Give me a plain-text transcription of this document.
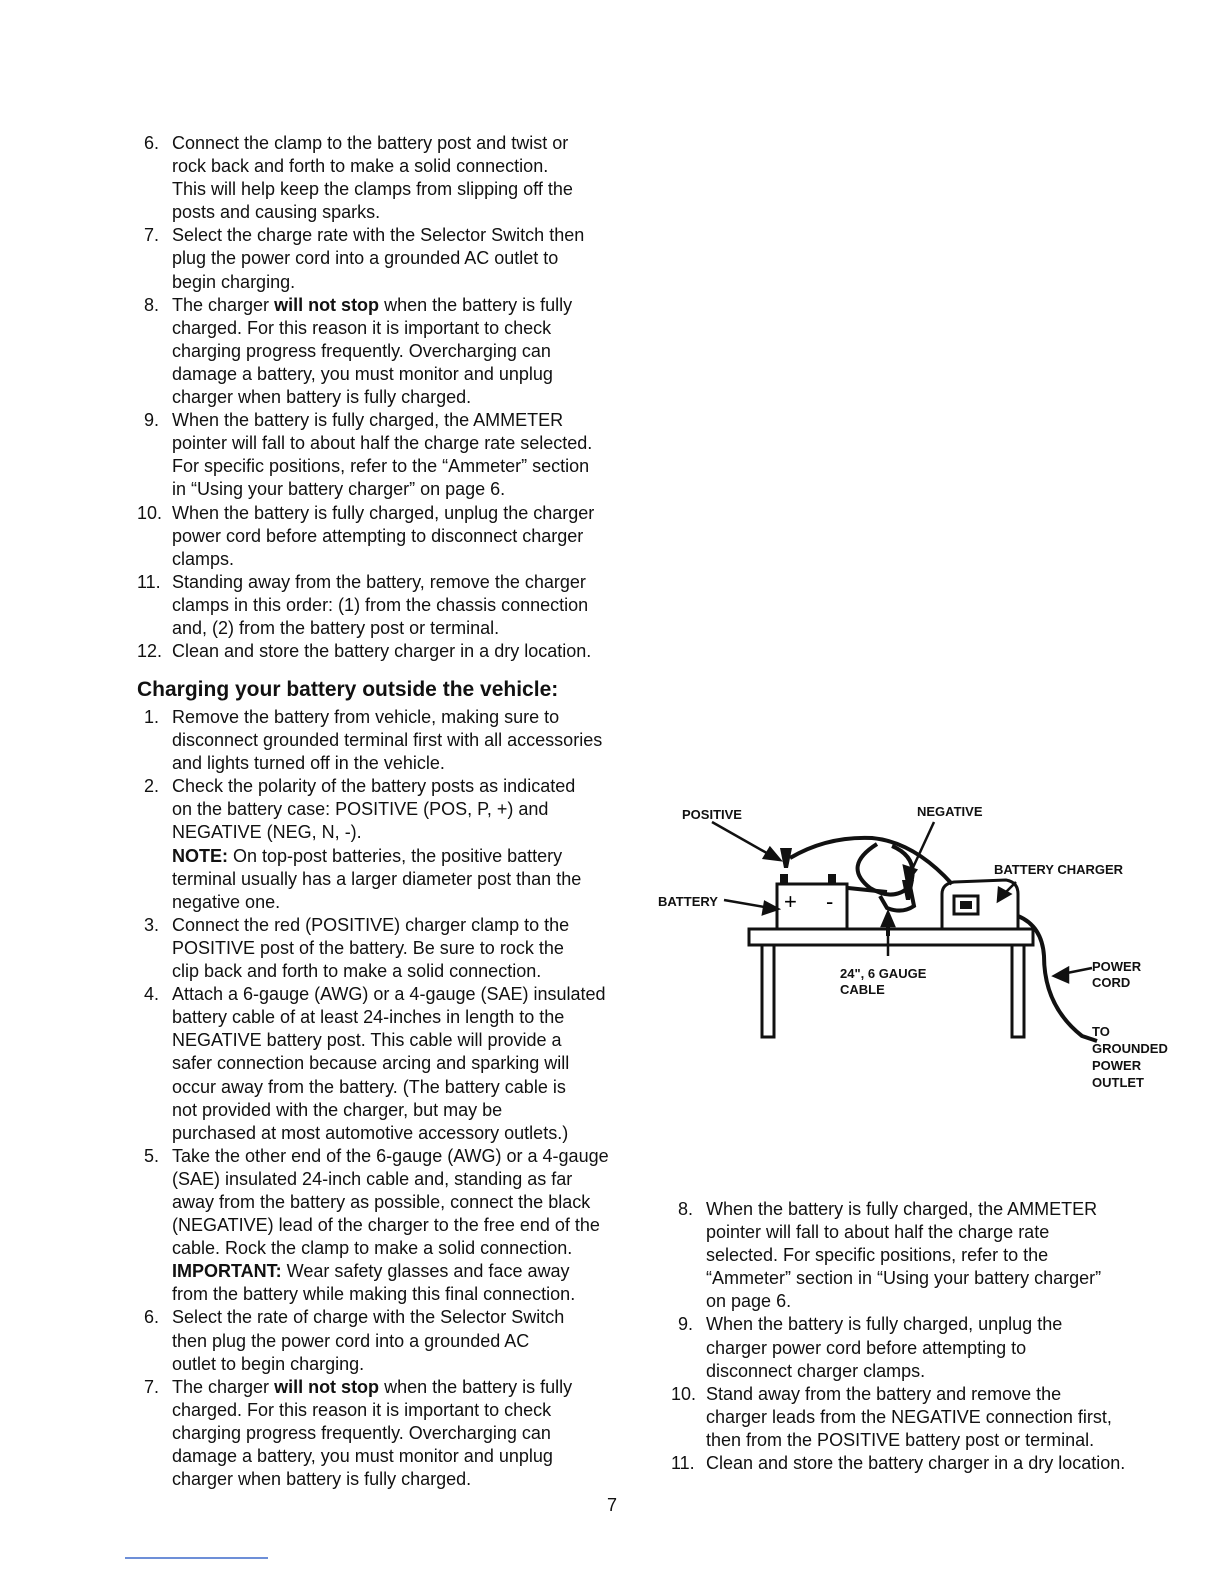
6. Connect the clamp to the battery post and twist or

rock back and forth to make a solid connection.

This will help keep the clamps from slipping off the

posts and causing sparks.

7. Select the charge rate with the Selector Switch then

plug the power cord into a grounded AC outlet to

begin charging.

8. The charger will not stop when the battery is fully

charged. For this reason it is important to check

charging progress frequently. Overcharging can

damage a battery, you must monitor and unplug

charger when battery is fully charged.

9. When the battery is fully charged, the AMMETER

pointer will fall to about half the charge rate selected.

For specific positions, refer to the “Ammeter” section

in “Using your battery charger” on page 6.

10. When the battery is fully charged, unplug the charger

power cord before attempting to disconnect charger

clamps.

11. Standing away from the battery, remove the charger

clamps in this order: (1) from the chassis connection

and, (2) from the battery post or terminal.

12. Clean and store the battery charger in a dry location.

Charging your battery outside the vehicle:
1. Remove the battery from vehicle, making sure to

disconnect grounded terminal first with all accessories

and lights turned off in the vehicle.

2. Check the polarity of the battery posts as indicated

on the battery case: POSITIVE (POS, P, +) and

NEGATIVE (NEG, N, -).

NOTE: On top-post batteries, the positive battery

terminal usually has a larger diameter post than the

negative one.

3. Connect the red (POSITIVE) charger clamp to the

POSITIVE post of the battery. Be sure to rock the

clip back and forth to make a solid connection.

4. Attach a 6-gauge (AWG) or a 4-gauge (SAE) insulated

battery cable of at least 24-inches in length to the

NEGATIVE battery post. This cable will provide a

safer connection because arcing and sparking will

occur away from the battery. (The battery cable is

not provided with the charger, but may be

purchased at most automotive accessory outlets.)

5. Take the other end of the 6-gauge (AWG) or a 4-gauge

(SAE) insulated 24-inch cable and, standing as far

away from the battery as possible, connect the black

(NEGATIVE) lead of the charger to the free end of the

cable. Rock the clamp to make a solid connection.

IMPORTANT: Wear safety glasses and face away

from the battery while making this final connection.

6. Select the rate of charge with the Selector Switch

then plug the power cord into a grounded AC

outlet to begin charging.

7. The charger will not stop when the battery is fully

charged. For this reason it is important to check

charging progress frequently. Overcharging can

damage a battery, you must monitor and unplug

charger when battery is fully charged.

+ -
POSITIVE	NEGATIVE
BATTERY CHARGER
BATTERY
24", 6 GAUGE
CABLE
POWER
CORD
TO
GROUNDED
POWER
OUTLET
8. When the battery is fully charged, the AMMETER

pointer will fall to about half the charge rate

selected. For specific positions, refer to the

“Ammeter” section in “Using your battery charger”

on page 6.

9. When the battery is fully charged, unplug the

charger power cord before attempting to

disconnect charger clamps.

10. Stand away from the battery and remove the

charger leads from the NEGATIVE connection first,

then from the POSITIVE battery post or terminal.

11. Clean and store the battery charger in a dry location.

7
